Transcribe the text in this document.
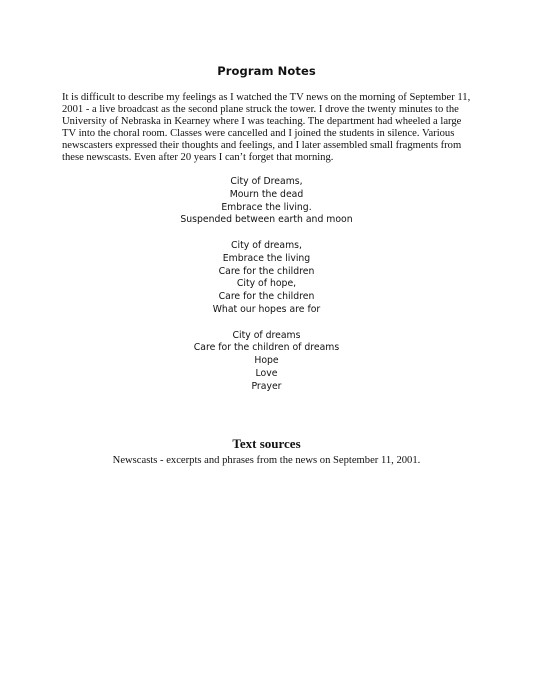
Program Notes

It is difficult to describe my feelings as I watched the TV news on the morning of September 11, 2001 - a live broadcast as the second plane struck the tower. I drove the twenty minutes to the University of Nebraska in Kearney where I was teaching. The department had wheeled a large TV into the choral room. Classes were cancelled and I joined the students in silence. Various newscasters expressed their thoughts and feelings, and I later assembled small fragments from these newscasts. Even after 20 years I can’t forget that morning.

City of Dreams,
Mourn the dead
Embrace the living.
Suspended between earth and moon
City of dreams,
Embrace the living
Care for the children
City of hope,
Care for the children
What our hopes are for
City of dreams
Care for the children of dreams
Hope
Love
Prayer
Text sources

Newscasts - excerpts and phrases from the news on September 11, 2001.
